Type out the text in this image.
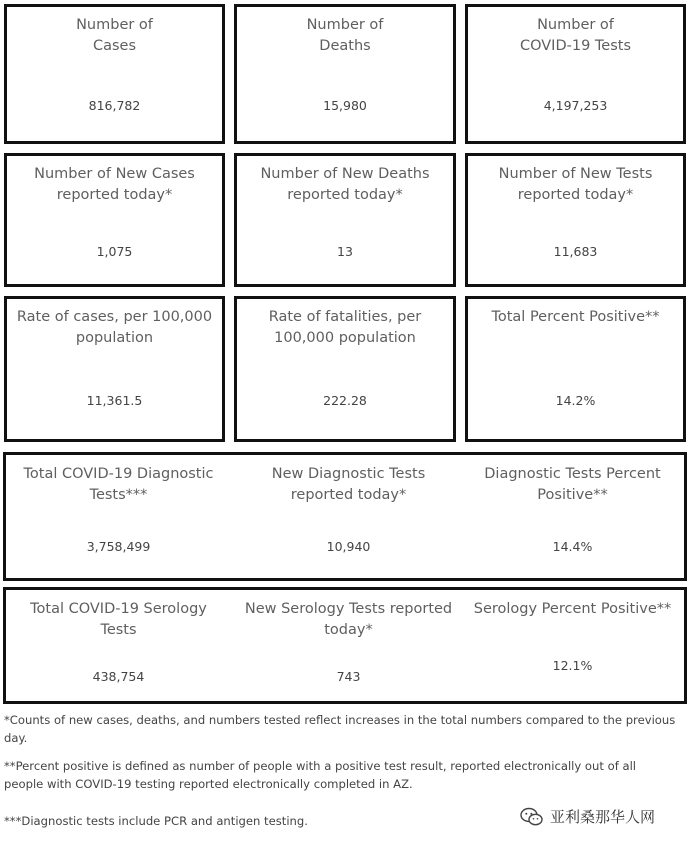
Number of
Cases
816,782
Number of
Deaths
15,980
Number of
COVID-19 Tests
4,197,253
Number of New Cases
reported today*
1,075
Number of New Deaths
reported today*
13
Number of New Tests
reported today*
11,683
Rate of cases, per 100,000
population
11,361.5
Rate of fatalities, per
100,000 population
222.28
Total Percent Positive**
14.2%
Total COVID-19 Diagnostic
Tests***
3,758,499
New Diagnostic Tests
reported today*
10,940
Diagnostic Tests Percent
Positive**
14.4%
Total COVID-19 Serology
Tests
438,754
New Serology Tests reported
today*
743
Serology Percent Positive**
12.1%
*Counts of new cases, deaths, and numbers tested reflect increases in the total numbers compared to the previous day.
**Percent positive is defined as number of people with a positive test result, reported electronically out of all people with COVID-19 testing reported electronically completed in AZ.
***Diagnostic tests include PCR and antigen testing.	亚利桑那华人网
